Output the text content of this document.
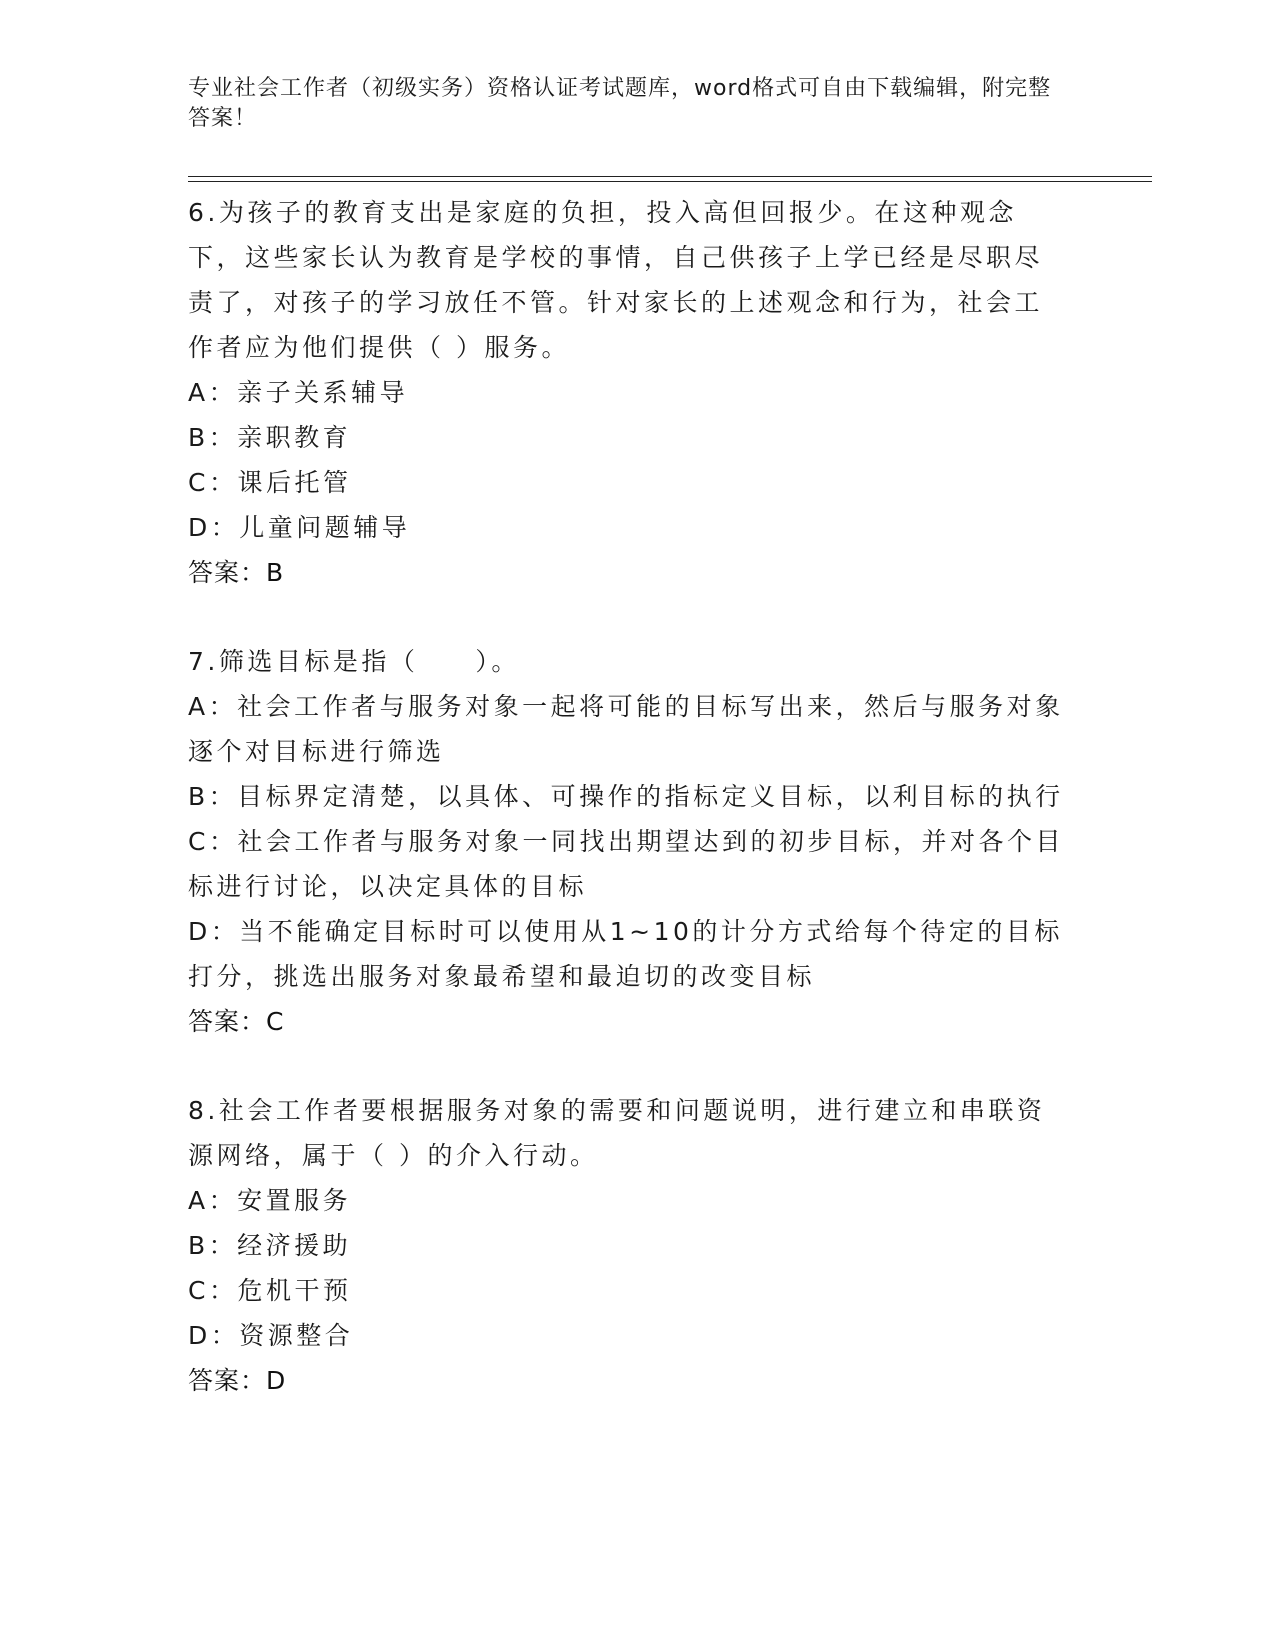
专业社会工作者（初级实务）资格认证考试题库，word格式可自由下载编辑，附完整答案！
6.为孩子的教育支出是家庭的负担，投入高但回报少。在这种观念下，这些家长认为教育是学校的事情，自己供孩子上学已经是尽职尽责了，对孩子的学习放任不管。针对家长的上述观念和行为，社会工作者应为他们提供（ ）服务。
A：亲子关系辅导
B：亲职教育
C：课后托管
D：儿童问题辅导
答案：B
7.筛选目标是指（　　）。
A：社会工作者与服务对象一起将可能的目标写出来，然后与服务对象逐个对目标进行筛选
B：目标界定清楚，以具体、可操作的指标定义目标，以利目标的执行
C：社会工作者与服务对象一同找出期望达到的初步目标，并对各个目标进行讨论，以决定具体的目标
D：当不能确定目标时可以使用从1~10的计分方式给每个待定的目标打分，挑选出服务对象最希望和最迫切的改变目标
答案：C
8.社会工作者要根据服务对象的需要和问题说明，进行建立和串联资源网络，属于（ ）的介入行动。
A：安置服务
B：经济援助
C：危机干预
D：资源整合
答案：D
